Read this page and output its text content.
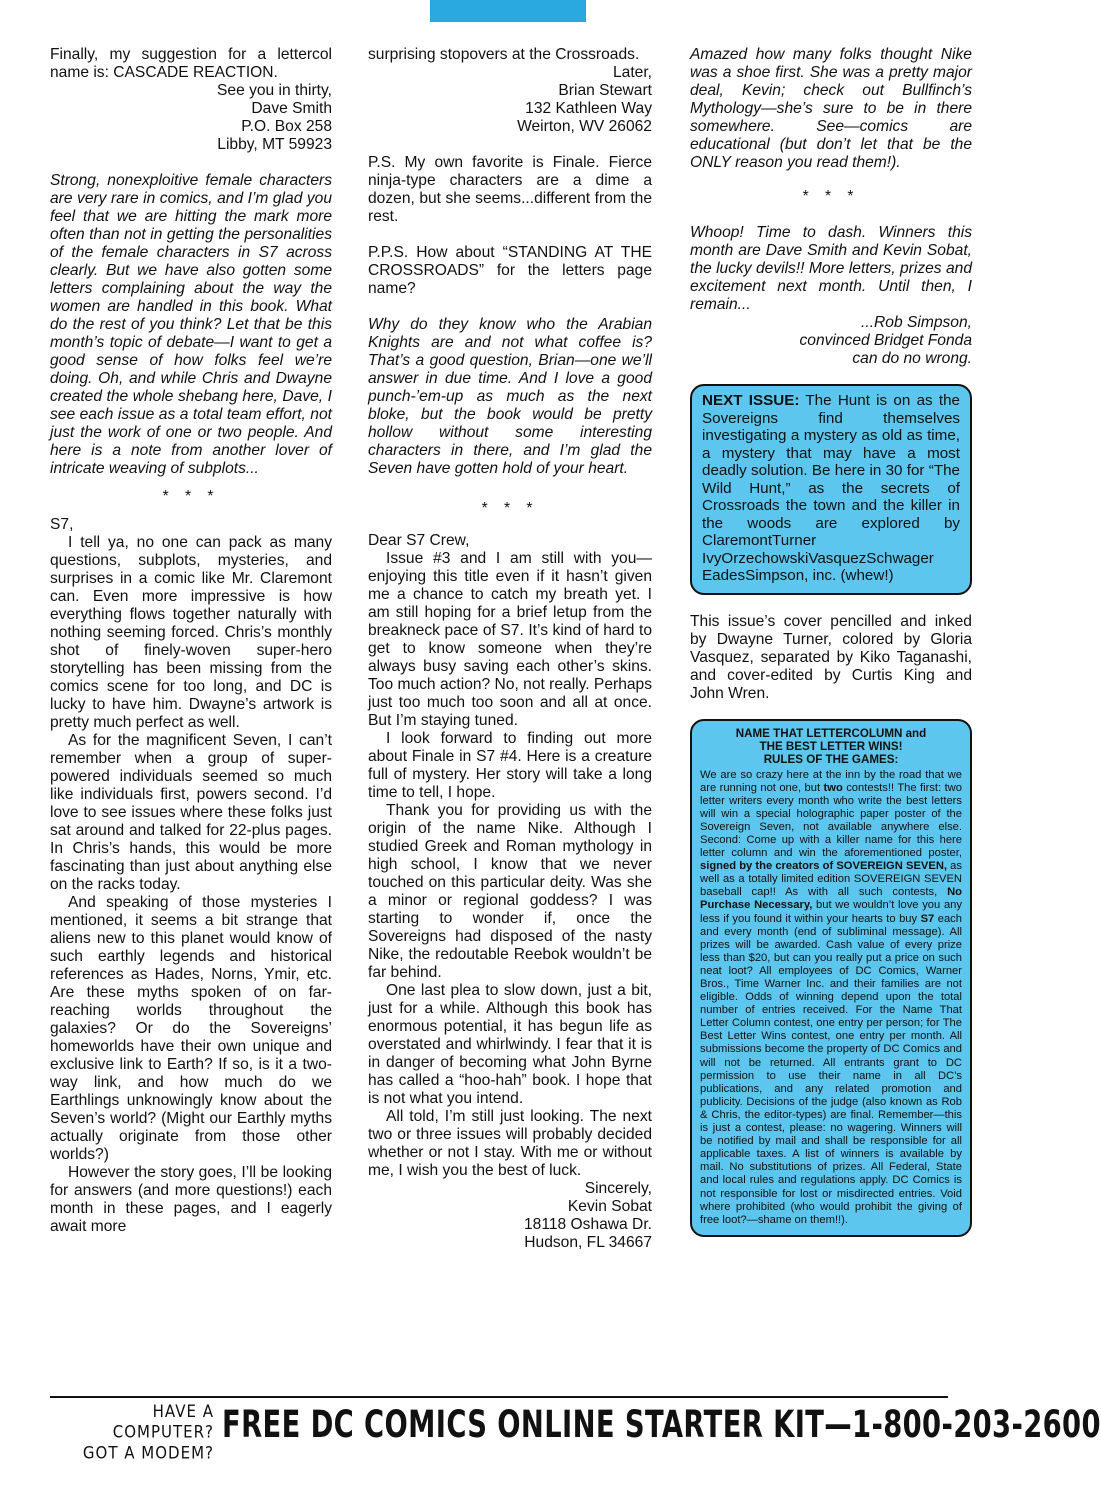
Finally, my suggestion for a lettercol name is: CASCADE REACTION.

See you in thirty,

Dave Smith

P.O. Box 258

Libby, MT 59923

Strong, nonexploitive female characters are very rare in comics, and I’m glad you feel that we are hitting the mark more often than not in getting the personalities of the female characters in S7 across clearly. But we have also gotten some letters complaining about the way the women are handled in this book. What do the rest of you think? Let that be this month’s topic of debate—I want to get a good sense of how folks feel we’re doing. Oh, and while Chris and Dwayne created the whole shebang here, Dave, I see each issue as a total team effort, not just the work of one or two people. And here is a note from another lover of intricate weaving of subplots...

* * *

S7,

I tell ya, no one can pack as many questions, subplots, mysteries, and surprises in a comic like Mr. Claremont can. Even more impressive is how everything flows together naturally with nothing seeming forced. Chris’s monthly shot of finely-woven super-hero storytelling has been missing from the comics scene for too long, and DC is lucky to have him. Dwayne’s artwork is pretty much perfect as well.

As for the magnificent Seven, I can’t remember when a group of super-powered individuals seemed so much like individuals first, powers second. I’d love to see issues where these folks just sat around and talked for 22-plus pages. In Chris’s hands, this would be more fascinating than just about anything else on the racks today.

And speaking of those mysteries I mentioned, it seems a bit strange that aliens new to this planet would know of such earthly legends and historical references as Hades, Norns, Ymir, etc. Are these myths spoken of on far-reaching worlds throughout the galaxies? Or do the Sovereigns’ homeworlds have their own unique and exclusive link to Earth? If so, is it a two-way link, and how much do we Earthlings unknowingly know about the Seven’s world? (Might our Earthly myths actually originate from those other worlds?)

However the story goes, I’ll be looking for answers (and more questions!) each month in these pages, and I eagerly await more

surprising stopovers at the Crossroads.

Later,

Brian Stewart

132 Kathleen Way

Weirton, WV 26062

P.S. My own favorite is Finale. Fierce ninja-type characters are a dime a dozen, but she seems...different from the rest.

P.P.S. How about “STANDING AT THE CROSSROADS” for the letters page name?

Why do they know who the Arabian Knights are and not what coffee is? That’s a good question, Brian—one we’ll answer in due time. And I love a good punch-’em-up as much as the next bloke, but the book would be pretty hollow without some interesting characters in there, and I’m glad the Seven have gotten hold of your heart.

* * *

Dear S7 Crew,

Issue #3 and I am still with you—enjoying this title even if it hasn’t given me a chance to catch my breath yet. I am still hoping for a brief letup from the breakneck pace of S7. It’s kind of hard to get to know someone when they’re always busy saving each other’s skins. Too much action? No, not really. Perhaps just too much too soon and all at once. But I’m staying tuned.

I look forward to finding out more about Finale in S7 #4. Here is a creature full of mystery. Her story will take a long time to tell, I hope.

Thank you for providing us with the origin of the name Nike. Although I studied Greek and Roman mythology in high school, I know that we never touched on this particular deity. Was she a minor or regional goddess? I was starting to wonder if, once the Sovereigns had disposed of the nasty Nike, the redoutable Reebok wouldn’t be far behind.

One last plea to slow down, just a bit, just for a while. Although this book has enormous potential, it has begun life as overstated and whirlwindy. I fear that it is in danger of becoming what John Byrne has called a “hoo-hah” book. I hope that is not what you intend.

All told, I’m still just looking. The next two or three issues will probably decided whether or not I stay. With me or without me, I wish you the best of luck.

Sincerely,

Kevin Sobat

18118 Oshawa Dr.

Hudson, FL 34667

Amazed how many folks thought Nike was a shoe first. She was a pretty major deal, Kevin; check out Bullfinch’s Mythology—she’s sure to be in there somewhere. See—comics are educational (but don’t let that be the ONLY reason you read them!).

* * *

Whoop! Time to dash. Winners this month are Dave Smith and Kevin Sobat, the lucky devils!! More letters, prizes and excitement next month. Until then, I remain...

...Rob Simpson,

convinced Bridget Fonda

can do no wrong.

NEXT ISSUE: The Hunt is on as the Sovereigns find themselves investigating a mystery as old as time, a mystery that may have a most deadly solution. Be here in 30 for “The Wild Hunt,” as the secrets of Crossroads the town and the killer in the woods are explored by ClaremontTurner IvyOrzechowskiVasquezSchwager EadesSimpson, inc. (whew!)

This issue’s cover pencilled and inked by Dwayne Turner, colored by Gloria Vasquez, separated by Kiko Taganashi, and cover-edited by Curtis King and John Wren.

NAME THAT LETTERCOLUMN and

THE BEST LETTER WINS!

RULES OF THE GAMES:

We are so crazy here at the inn by the road that we are running not one, but two contests!! The first: two letter writers every month who write the best letters will win a special holographic paper poster of the Sovereign Seven, not available anywhere else. Second: Come up with a killer name for this here letter column and win the aforementioned poster, signed by the creators of SOVEREIGN SEVEN, as well as a totally limited edition SOVEREIGN SEVEN baseball cap!! As with all such contests, No Purchase Necessary, but we wouldn’t love you any less if you found it within your hearts to buy S7 each and every month (end of subliminal message). All prizes will be awarded. Cash value of every prize less than $20, but can you really put a price on such neat loot? All employees of DC Comics, Warner Bros., Time Warner Inc. and their families are not eligible. Odds of winning depend upon the total number of entries received. For the Name That Letter Column contest, one entry per person; for The Best Letter Wins contest, one entry per month. All submissions become the property of DC Comics and will not be returned. All entrants grant to DC permission to use their name in all DC’s publications, and any related promotion and publicity. Decisions of the judge (also known as Rob & Chris, the editor-types) are final. Remember—this is just a contest, please: no wagering. Winners will be notified by mail and shall be responsible for all applicable taxes. A list of winners is available by mail. No substitutions of prizes. All Federal, State and local rules and regulations apply. DC Comics is not responsible for lost or misdirected entries. Void where prohibited (who would prohibit the giving of free loot?—shame on them!!).

HAVE A COMPUTER?
GOT A MODEM?
FREE DC COMICS ONLINE STARTER KIT—1-800-203-2600
